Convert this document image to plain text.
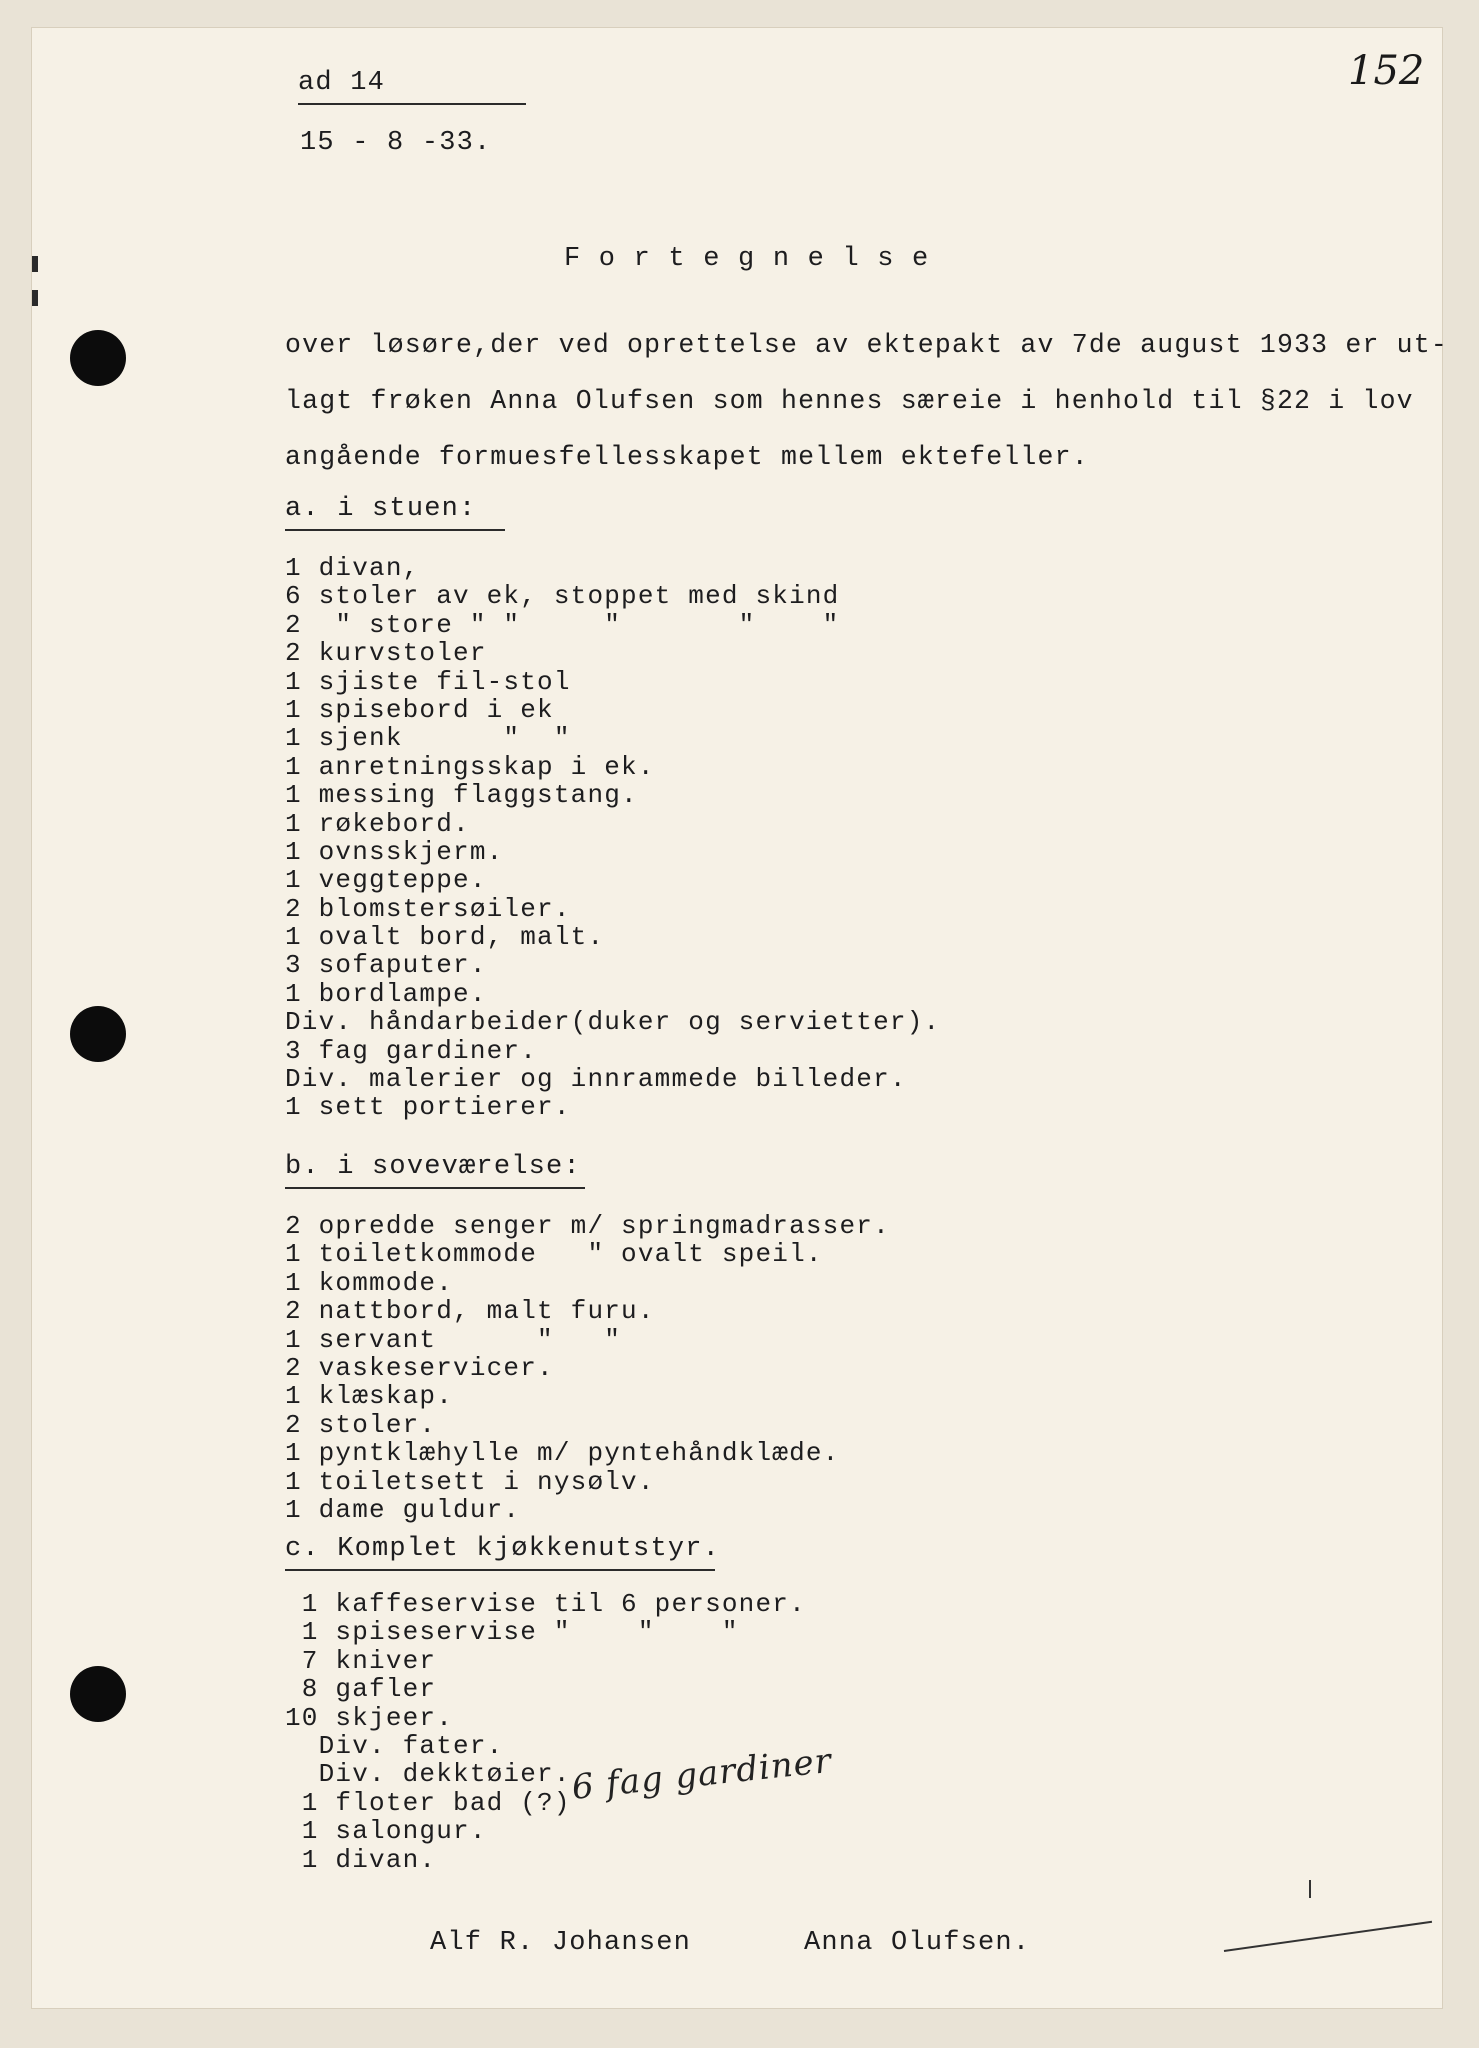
ad 14
15 - 8 -33.
152
F o r t e g n e l s e
over løsøre,der ved oprettelse av ektepakt av 7de august 1933 er ut-
lagt frøken Anna Olufsen som hennes særeie i henhold til §22 i lov
angående formuesfellesskapet mellem ektefeller.
a. i stuen:
1 divan,
6 stoler av ek, stoppet med skind
2  " store " "     "       "    "
2 kurvstoler
1 sjiste fil-stol
1 spisebord i ek
1 sjenk      "  "
1 anretningsskap i ek.
1 messing flaggstang.
1 røkebord.
1 ovnsskjerm.
1 veggteppe.
2 blomstersøiler.
1 ovalt bord, malt.
3 sofaputer.
1 bordlampe.
Div. håndarbeider(duker og servietter).
3 fag gardiner.
Div. malerier og innrammede billeder.
1 sett portierer.
b. i soveværelse:
2 opredde senger m/ springmadrasser.
1 toiletkommode   " ovalt speil.
1 kommode.
2 nattbord, malt furu.
1 servant      "   "
2 vaskeservicer.
1 klæskap.
2 stoler.
1 pyntklæhylle m/ pyntehåndklæde.
1 toiletsett i nysølv.
1 dame guldur.
c. Komplet kjøkkenutstyr.
1 kaffeservise til 6 personer.
1 spiseservise "    "    "
7 kniver
8 gafler
10 skjeer.
Div. fater.
Div. dekktøier.
1 floter bad (?)
1 salongur.
1 divan.
6 fag gardiner
Alf R. Johansen	Anna Olufsen.
